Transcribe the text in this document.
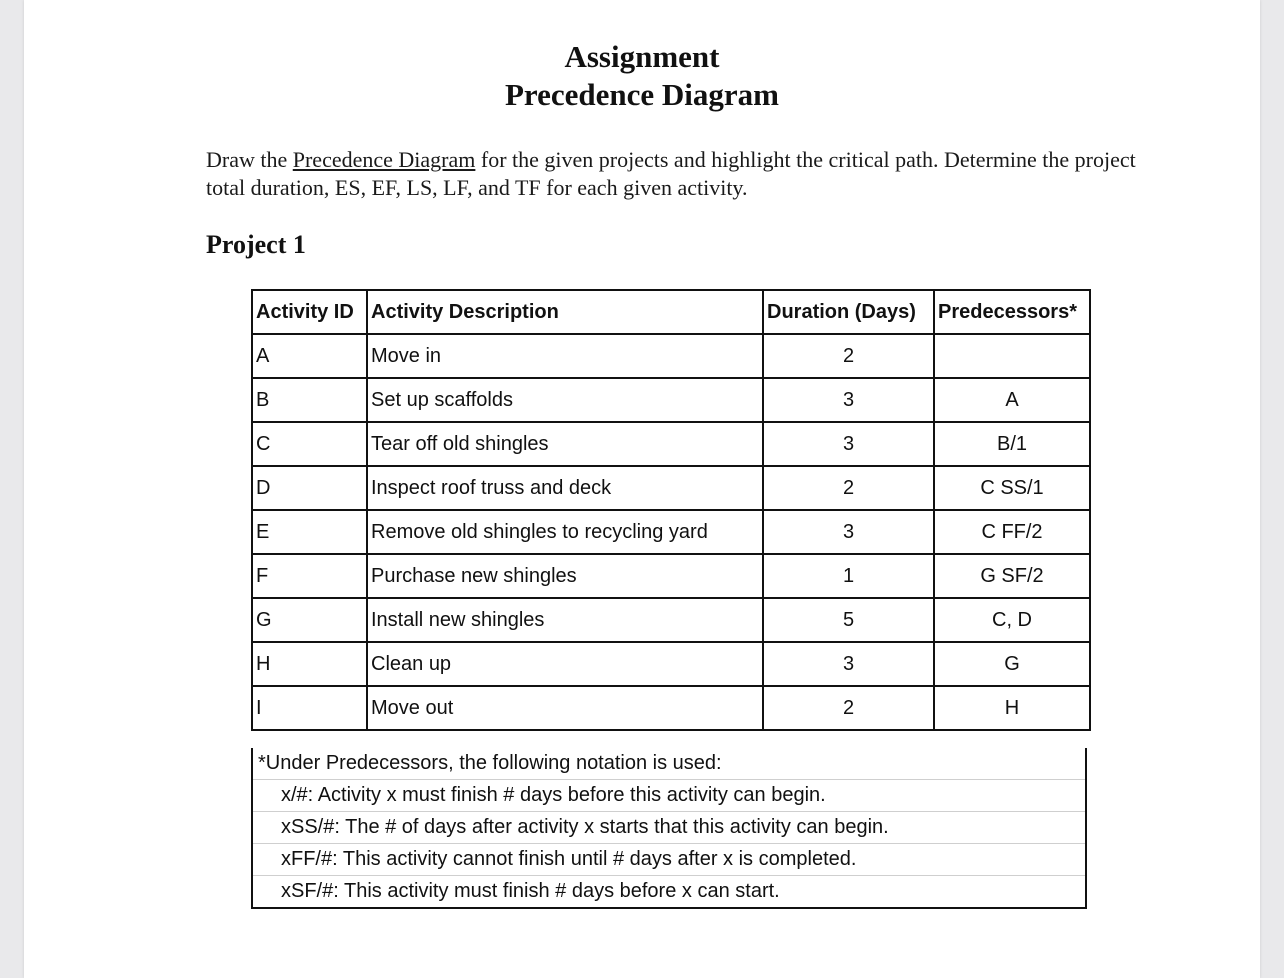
Assignment
Precedence Diagram
Draw the Precedence Diagram for the given projects and highlight the critical path. Determine the project total duration, ES, EF, LS, LF, and TF for each given activity.
Project 1
Activity ID	Activity Description	Duration (Days)	Predecessors*
A	Move in	2	
B	Set up scaffolds	3	A
C	Tear off old shingles	3	B/1
D	Inspect roof truss and deck	2	C SS/1
E	Remove old shingles to recycling yard	3	C FF/2
F	Purchase new shingles	1	G SF/2
G	Install new shingles	5	C, D
H	Clean up	3	G
I	Move out	2	H
*Under Predecessors, the following notation is used:
x/#: Activity x must finish # days before this activity can begin.
xSS/#: The # of days after activity x starts that this activity can begin.
xFF/#: This activity cannot finish until # days after x is completed.
xSF/#: This activity must finish # days before x can start.
